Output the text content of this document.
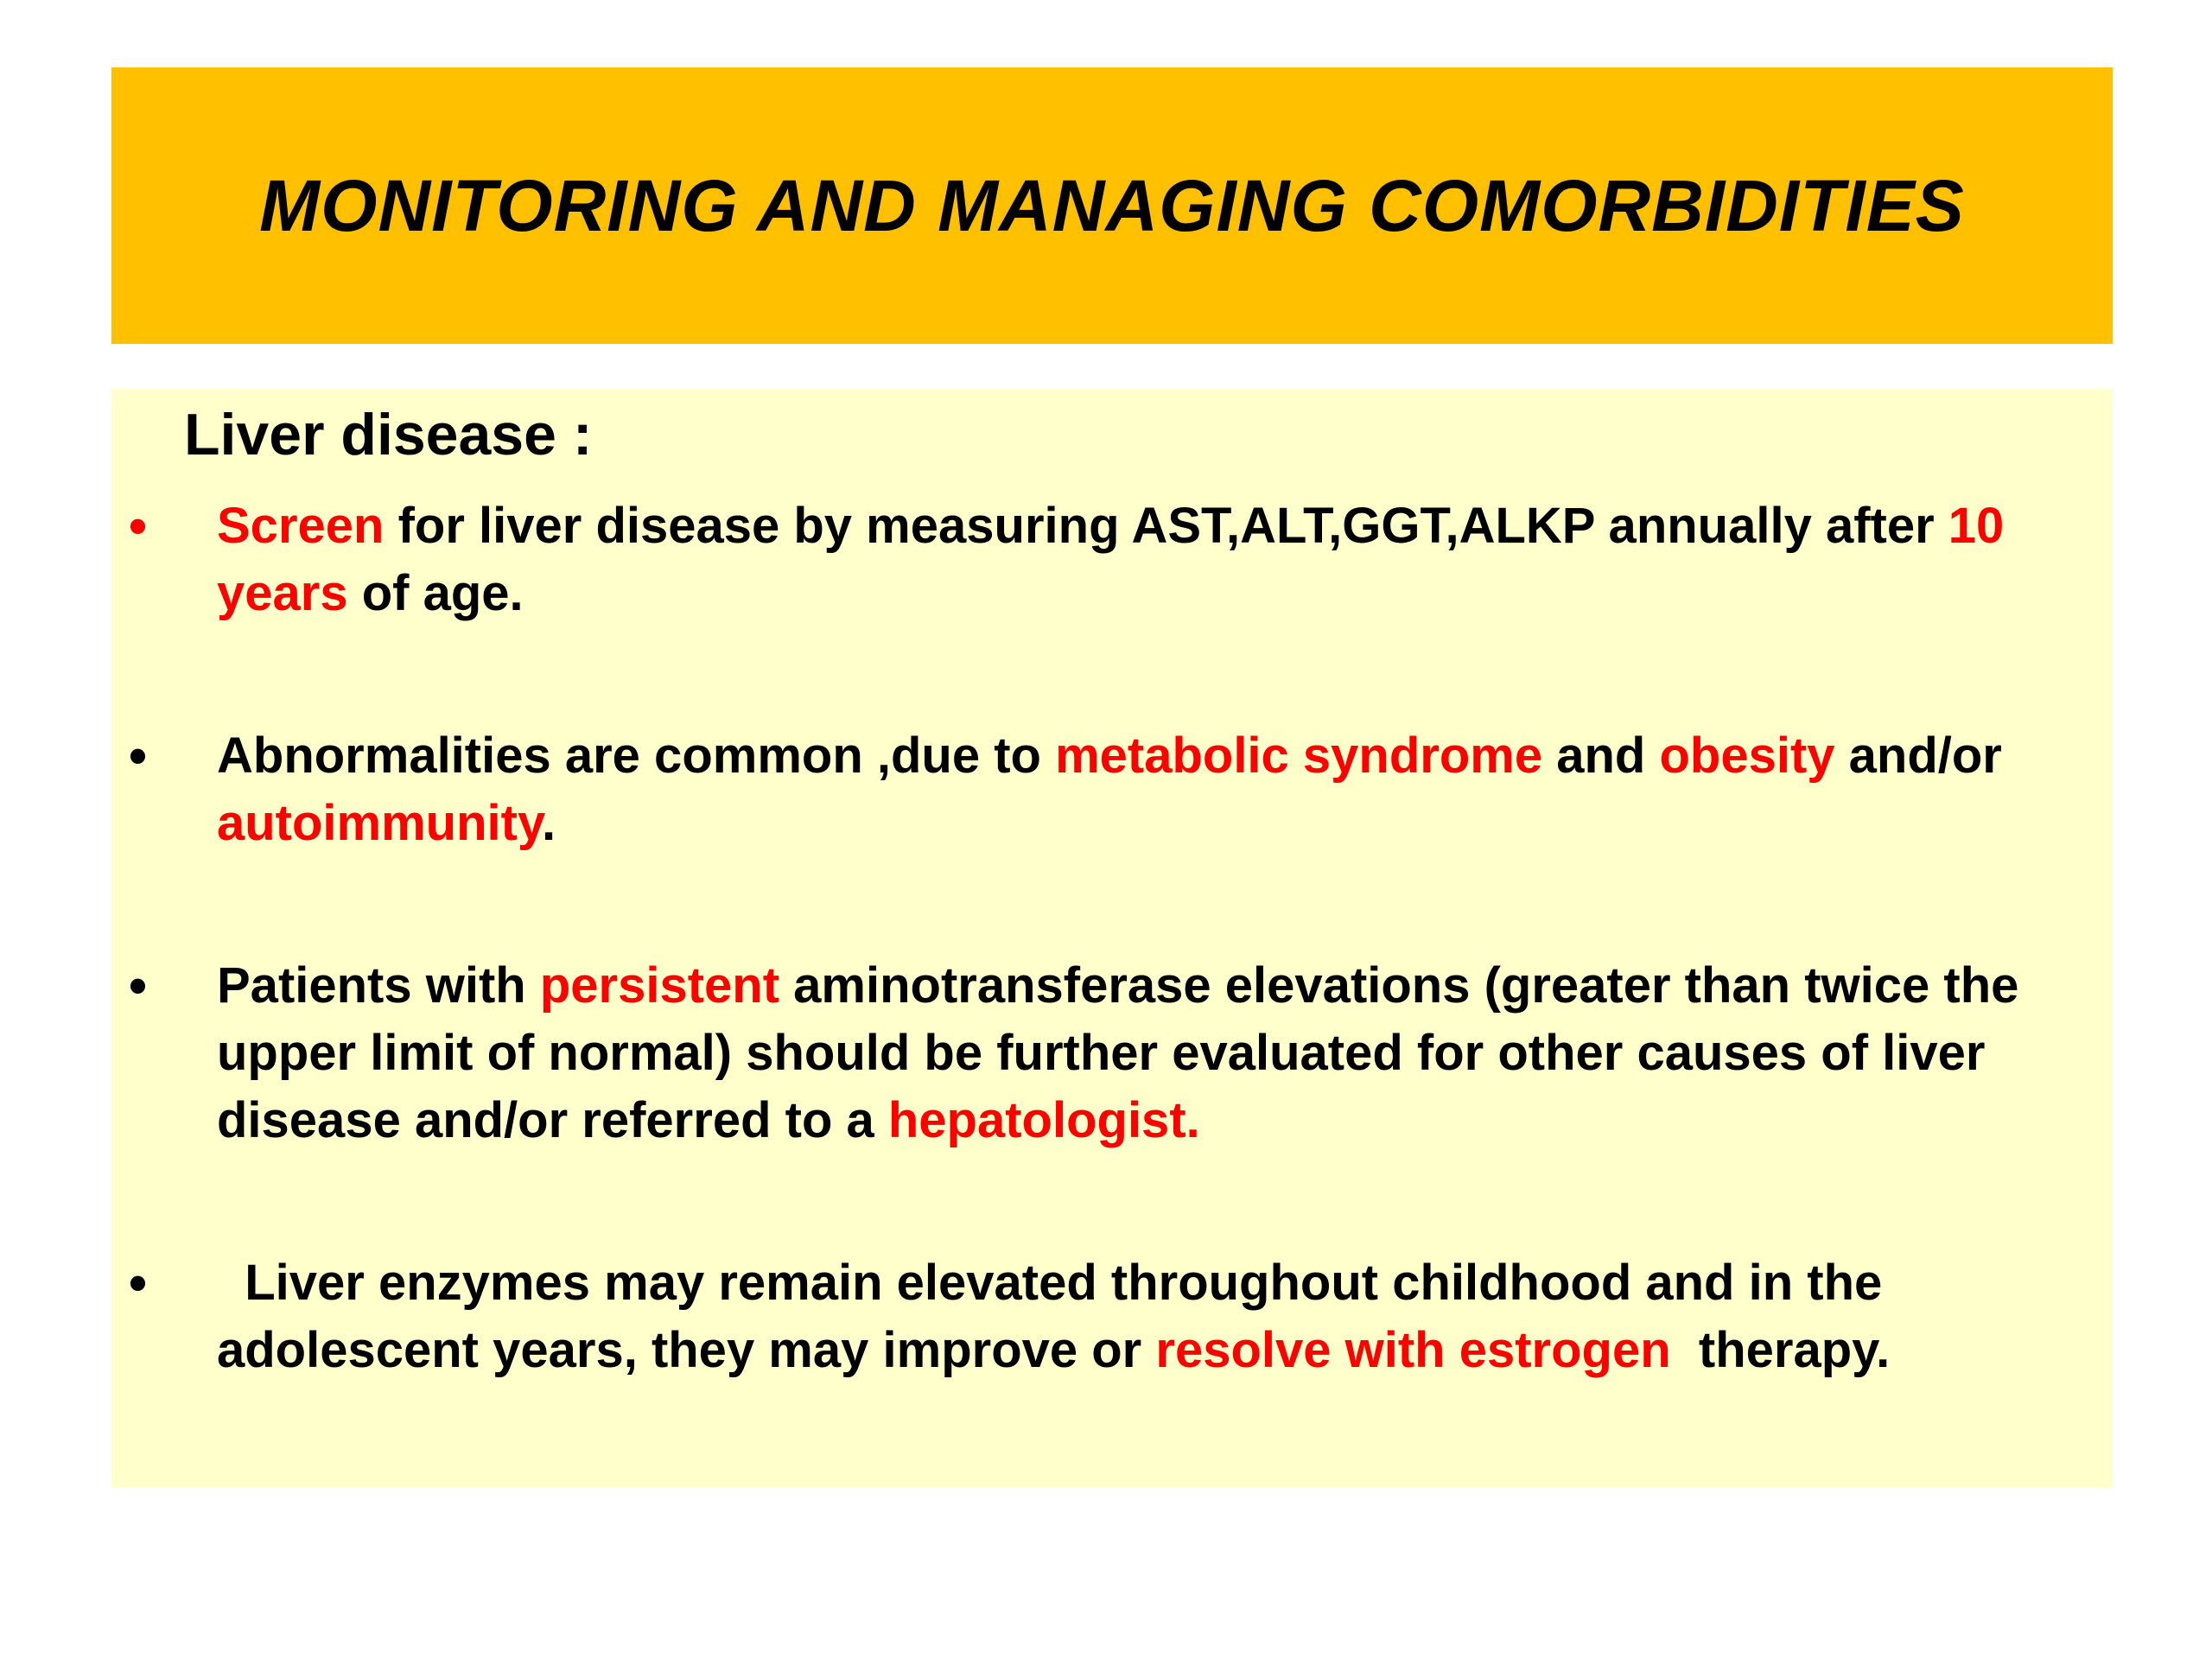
MONITORING AND MANAGING COMORBIDITIES
Liver disease :
• Screen for liver disease by measuring AST,ALT,GGT,ALKP annually after 10 years of age.
• Abnormalities are common ,due to metabolic syndrome and obesity and/or autoimmunity.
• Patients with persistent aminotransferase elevations (greater than twice the upper limit of normal) should be further evaluated for other causes of liver disease and/or referred to a hepatologist.
• Liver enzymes may remain elevated throughout childhood and in the adolescent years, they may improve or resolve with estrogen  therapy.
